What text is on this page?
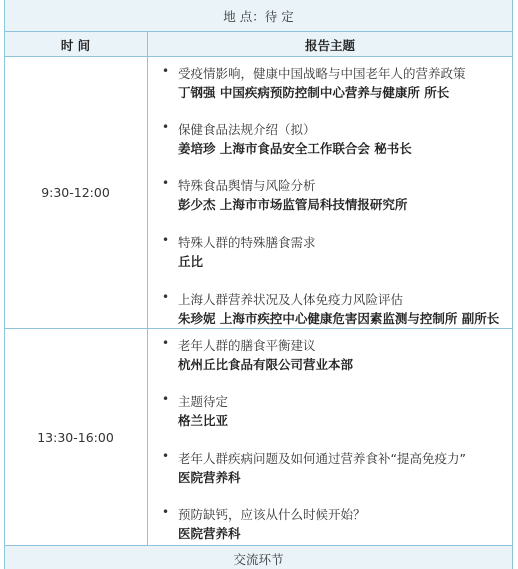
地 点：待 定
时 间	报告主题
交流环节
9:30-12:00
• 受疫情影响，健康中国战略与中国老年人的营养政策
丁钢强 中国疾病预防控制中心营养与健康所 所长
• 保健食品法规介绍（拟）
姜培珍 上海市食品安全工作联合会 秘书长
• 特殊食品舆情与风险分析
彭少杰 上海市市场监管局科技情报研究所
• 特殊人群的特殊膳食需求
丘比
• 上海人群营养状况及人体免疫力风险评估
朱珍妮 上海市疾控中心健康危害因素监测与控制所 副所长
13:30-16:00
• 老年人群的膳食平衡建议
杭州丘比食品有限公司营业本部
• 主题待定
格兰比亚
• 老年人群疾病问题及如何通过营养食补“提高免疫力”
医院营养科
• 预防缺钙，应该从什么时候开始？
医院营养科
